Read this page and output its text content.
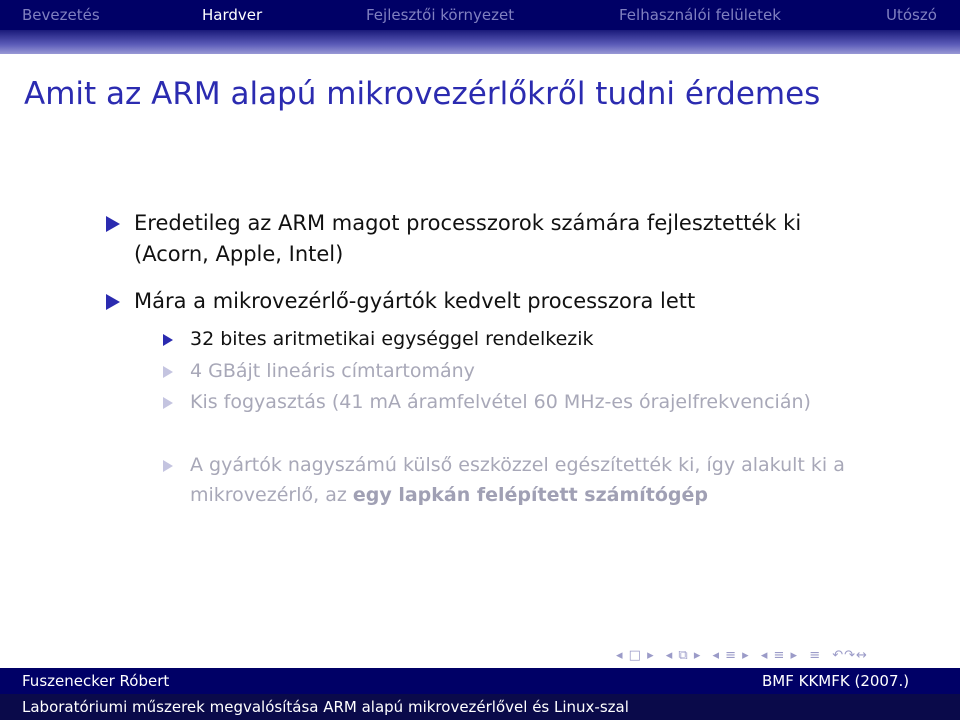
Bevezetés	Hardver	Fejlesztői környezet	Felhasználói felületek	Utószó
Amit az ARM alapú mikrovezérlőkről tudni érdemes
Eredetileg az ARM magot processzorok számára fejlesztették ki (Acorn, Apple, Intel)
Mára a mikrovezérlő-gyártók kedvelt processzora lett
32 bites aritmetikai egységgel rendelkezik
4 GBájt lineáris címtartomány
Kis fogyasztás (41 mA áramfelvétel 60 MHz-es órajelfrekvencián)
A gyártók nagyszámú külső eszközzel egészítették ki, így alakult ki a mikrovezérlő, az egy lapkán felépített számítógép
◂ □ ▸ ◂ ⧉ ▸ ◂ ≡ ▸ ◂ ≡ ▸ ≡ ↶↷↔
Fuszenecker Róbert	BMF KKMFK (2007.)
Laboratóriumi műszerek megvalósítása ARM alapú mikrovezérlővel és Linux-szal
